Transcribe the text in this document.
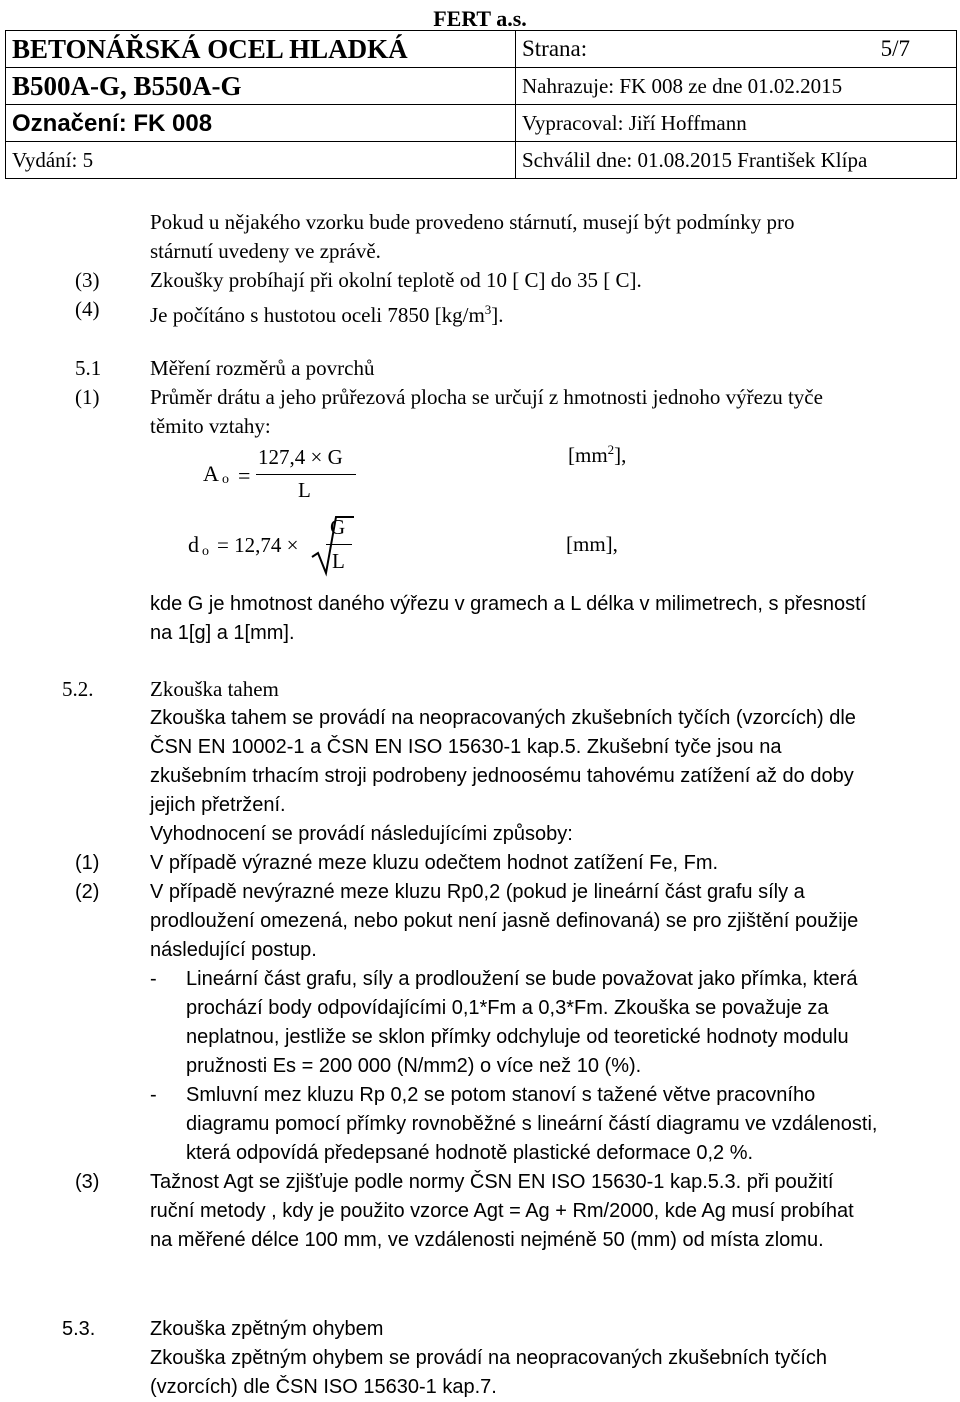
FERT a.s.
BETONÁŘSKÁ OCEL HLADKÁ	Strana: 5/7

B500A-G, B550A-G	Nahrazuje: FK 008 ze dne 01.02.2015
Označení: FK 008	Vypracoval: Jiří Hoffmann
Vydání: 5	Schválil dne: 01.08.2015 František Klípa
Pokud u nějakého vzorku bude provedeno stárnutí, musejí být podmínky pro
stárnutí uvedeny ve zprávě.
(3)	Zkoušky probíhají při okolní teplotě od 10 [ C] do 35 [ C].
(4)	Je počítáno s hustotou oceli 7850 $[kg/m^3]$.
5.1	Měření rozměrů a povrchů
(1)	Průměr drátu a jeho průřezová plocha se určují z hmotnosti jednoho výřezu tyče
těmito vztahy:
A o =
127,4 × G
L
$[mm^2]$,
d o = 12,74 ×
G
L
[mm],
kde G je hmotnost daného výřezu v gramech a L délka v milimetrech, s přesností
na 1[g] a 1[mm].
5.2.	Zkouška tahem
Zkouška tahem se provádí na neopracovaných zkušebních tyčích (vzorcích) dle
ČSN EN 10002-1 a ČSN EN ISO 15630-1 kap.5. Zkušební tyče jsou na
zkušebním trhacím stroji podrobeny jednoosému tahovému zatížení až do doby
jejich přetržení.
Vyhodnocení se provádí následujícími způsoby:
(1)	V případě výrazné meze kluzu odečtem hodnot zatížení Fe, Fm.
(2)	V případě nevýrazné meze kluzu Rp0,2 (pokud je lineární část grafu síly a
prodloužení omezená, nebo pokut není jasně definovaná) se pro zjištění použije
následující postup.
- Lineární část grafu, síly a prodloužení se bude považovat jako přímka, která
prochází body odpovídajícími 0,1*Fm a 0,3*Fm. Zkouška se považuje za
neplatnou, jestliže se sklon přímky odchyluje od teoretické hodnoty modulu
pružnosti Es = 200 000 (N/mm2) o více než 10 (%).
- Smluvní mez kluzu Rp 0,2 se potom stanoví s tažené větve pracovního
diagramu pomocí přímky rovnoběžné s lineární částí diagramu ve vzdálenosti,
která odpovídá předepsané hodnotě plastické deformace 0,2 %.
(3)	Tažnost Agt se zjišťuje podle normy ČSN EN ISO 15630-1 kap.5.3. při použití
ruční metody , kdy je použito vzorce Agt = Ag + Rm/2000, kde Ag musí probíhat
na měřené délce 100 mm, ve vzdálenosti nejméně 50 (mm) od místa zlomu.
5.3.	Zkouška zpětným ohybem
Zkouška zpětným ohybem se provádí na neopracovaných zkušebních tyčích
(vzorcích) dle ČSN ISO 15630-1 kap.7.
